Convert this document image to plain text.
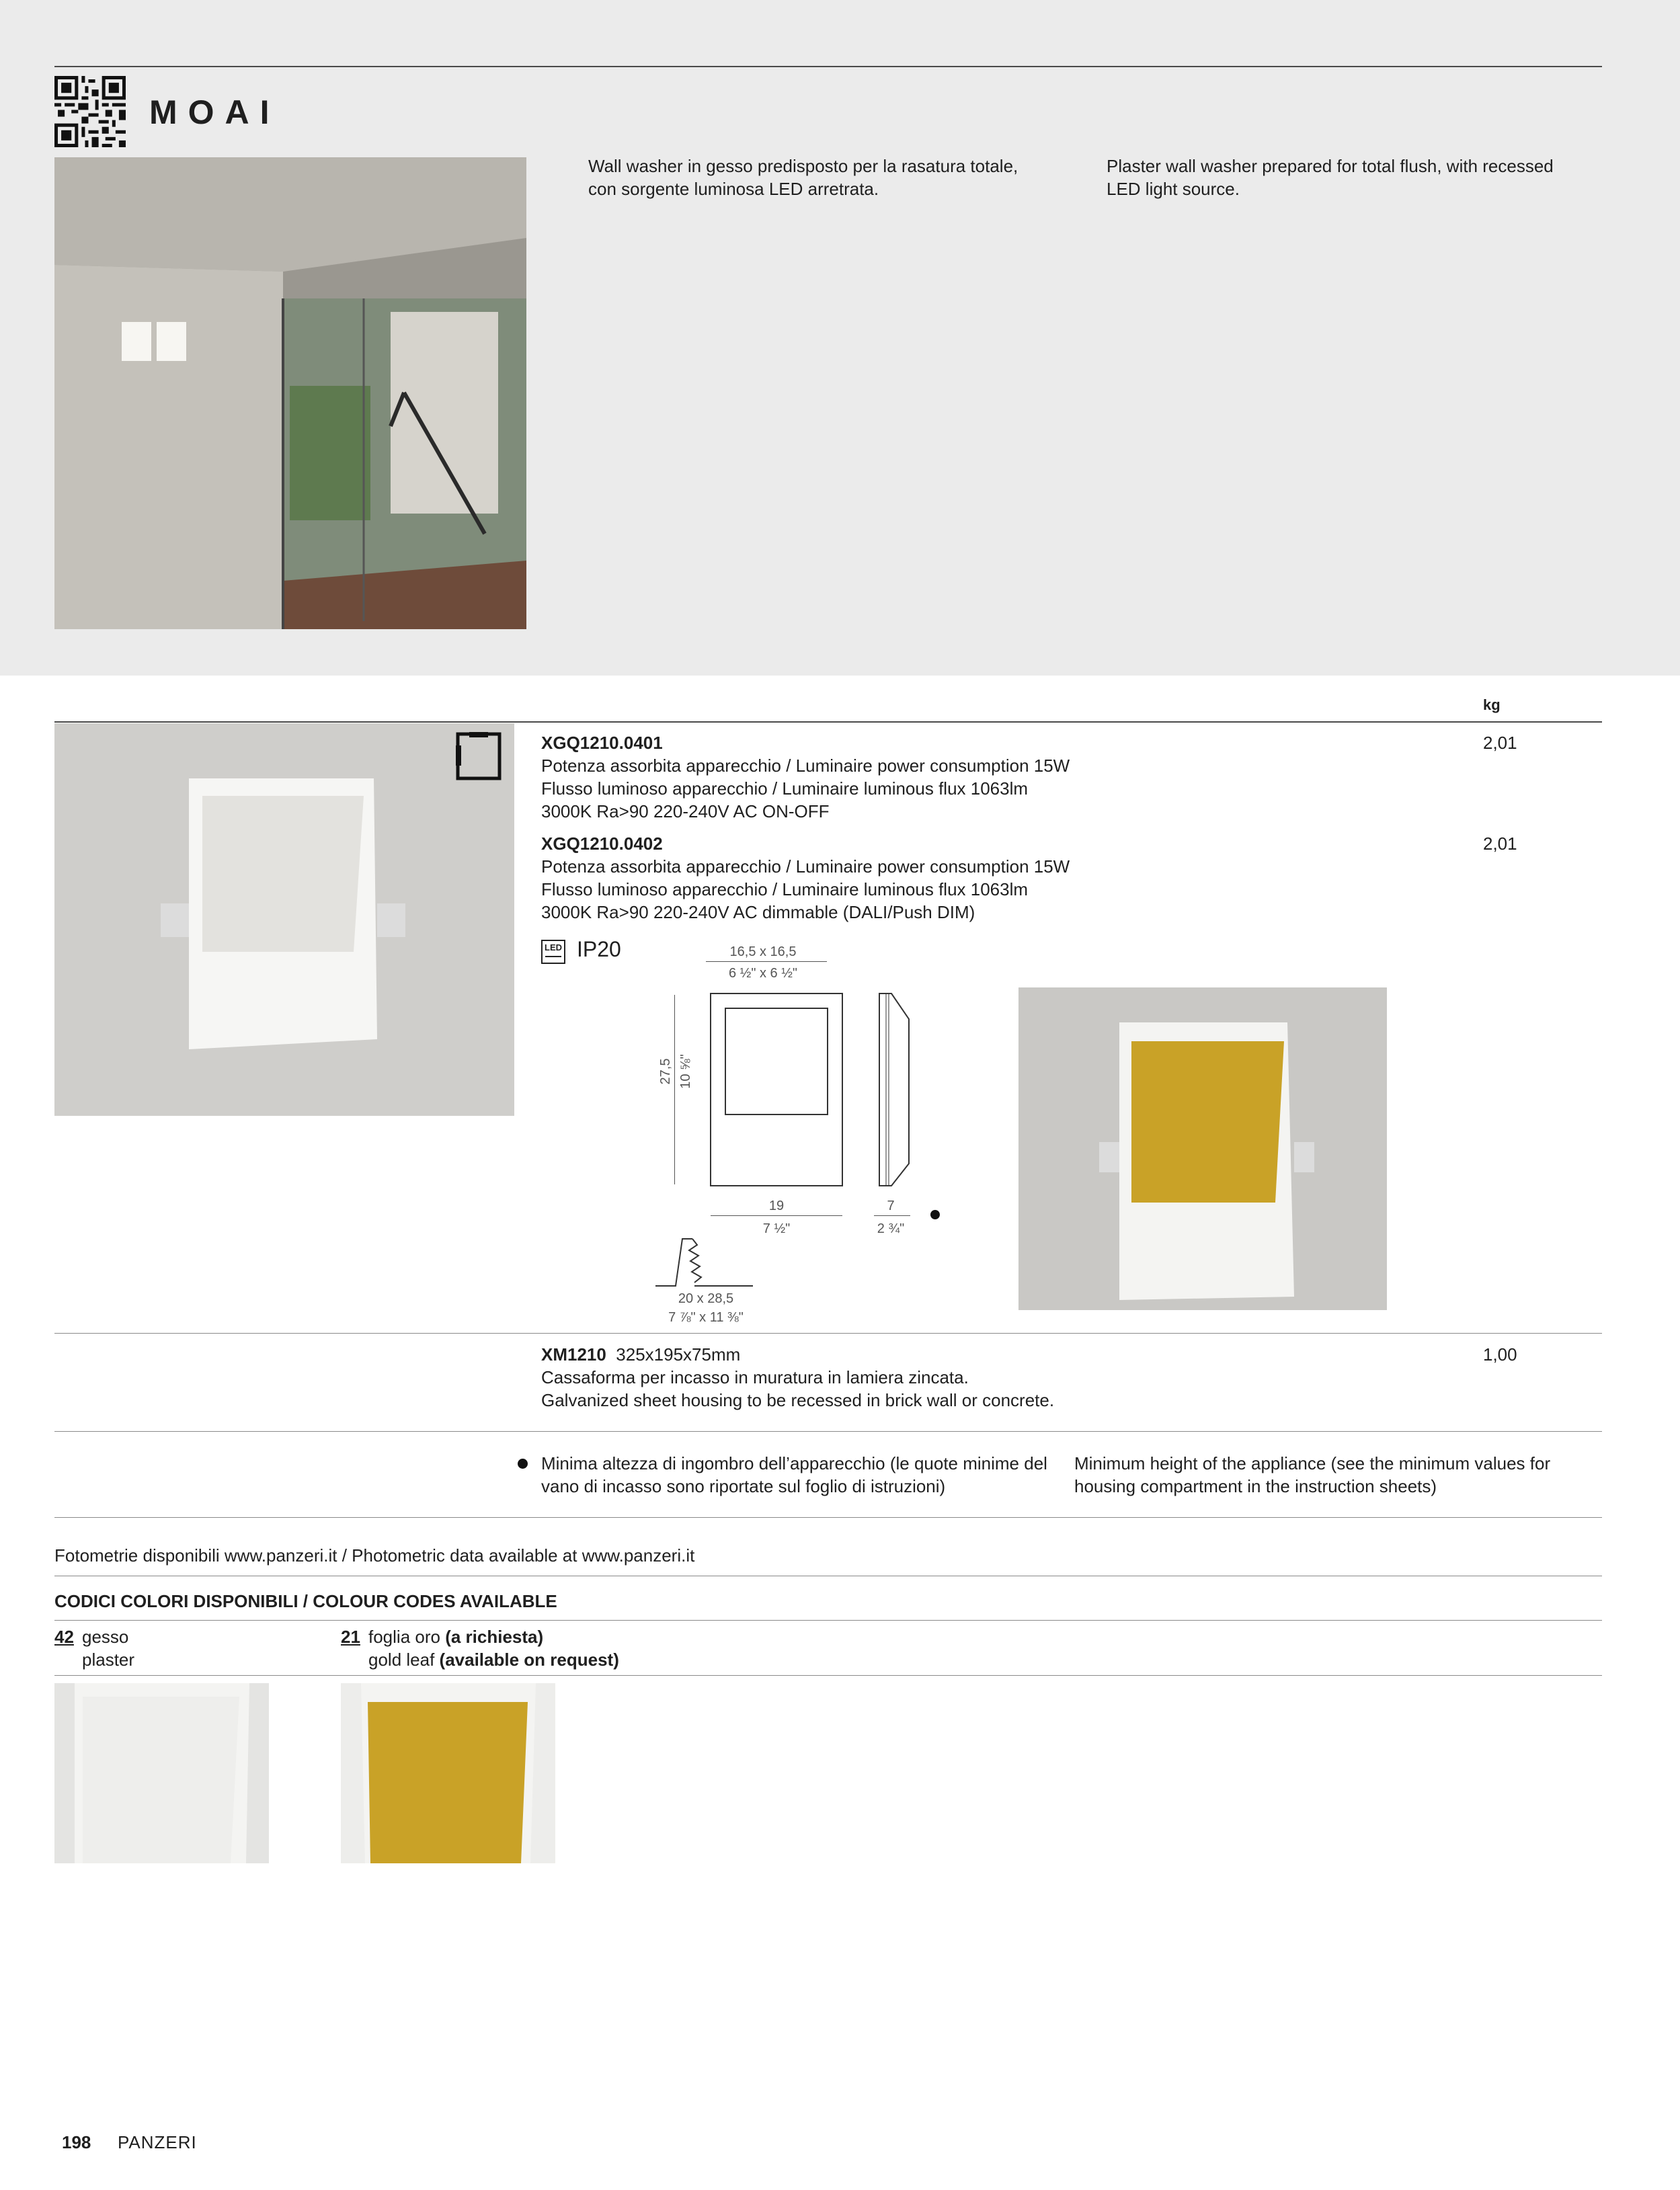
MOAI
Wall washer in gesso predisposto per la rasatura totale, con sorgente luminosa LED arretrata.
Plaster wall washer prepared for total flush, with recessed LED light source.
kg
XGQ1210.0401
Potenza assorbita apparecchio / Luminaire power consumption 15W
Flusso luminoso apparecchio / Luminaire luminous flux 1063lm
3000K Ra>90 220-240V AC ON-OFF
2,01
XGQ1210.0402
Potenza assorbita apparecchio / Luminaire power consumption 15W
Flusso luminoso apparecchio / Luminaire luminous flux 1063lm
3000K Ra>90 220-240V AC dimmable (DALI/Push DIM)
2,01
LED IP20	16,5 x 16,5
6 ½" x 6 ½"
27,5 10 ⅝"
19
7 ½"
7
2 ¾"
20 x 28,5
7 ⅞" x 11 ⅜"
XM1210 325x195x75mm
Cassaforma per incasso in muratura in lamiera zincata.
Galvanized sheet housing to be recessed in brick wall or concrete.
1,00
Minima altezza di ingombro dell’apparecchio (le quote minime del vano di incasso sono riportate sul foglio di istruzioni)
Minimum height of the appliance (see the minimum values for housing compartment in the instruction sheets)
Fotometrie disponibili www.panzeri.it / Photometric data available at www.panzeri.it
CODICI COLORI DISPONIBILI / COLOUR CODES AVAILABLE
42 gesso
plaster
21 foglia oro (a richiesta)
gold leaf (available on request)
198 PANZERI
